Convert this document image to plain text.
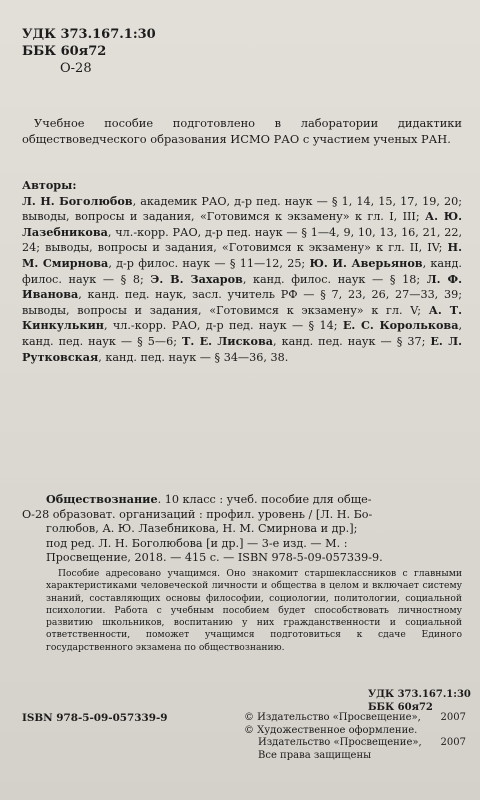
УДК 373.167.1:30
ББК 60я72
О-28

Учебное пособие подготовлено в лаборатории дидактики обществоведческого образования ИСМО РАО с участием ученых РАН.

Авторы:
Л. Н. Боголюбов, академик РАО, д-р пед. наук — § 1, 14, 15, 17, 19, 20; выводы, вопросы и задания, «Готовимся к экзамену» к гл. I, III; А. Ю. Лазебникова, чл.-корр. РАО, д-р пед. наук — § 1—4, 9, 10, 13, 16, 21, 22, 24; выводы, вопросы и задания, «Готовимся к экзамену» к гл. II, IV; Н. М. Смирнова, д-р филос. наук — § 11—12, 25; Ю. И. Аверьянов, канд. филос. наук — § 8; Э. В. Захаров, канд. филос. наук — § 18; Л. Ф. Иванова, канд. пед. наук, засл. учитель РФ — § 7, 23, 26, 27—33, 39; выводы, вопросы и задания, «Готовимся к экзамену» к гл. V; А. Т. Кинкулькин, чл.-корр. РАО, д-р пед. наук — § 14; Е. С. Королькова, канд. пед. наук — § 5—6; Т. Е. Лискова, канд. пед. наук — § 37; Е. Л. Рутковская, канд. пед. наук — § 34—36, 38.
Обществознание. 10 класс : учеб. пособие для обще-
О-28 образоват. организаций : профил. уровень / [Л. Н. Бо-
голюбов, А. Ю. Лазебникова, Н. М. Смирнова и др.];
под ред. Л. Н. Боголюбова [и др.] — 3-е изд. — М. :
Просвещение, 2018. — 415 с. — ISBN 978-5-09-057339-9.

Пособие адресовано учащимся. Оно знакомит старшеклассников с главными характеристиками человеческой личности и общества в целом и включает систему знаний, составляющих основы философии, социологии, политологии, социальной психологии. Работа с учебным пособием будет способствовать личностному развитию школьников, воспитанию у них гражданственности и социальной ответственности, поможет учащимся подготовиться к сдаче Единого государственного экзамена по обществознанию.

УДК 373.167.1:30
ББК 60я72
ISBN 978-5-09-057339-9	© Издательство «Просвещение», 2007
© Художественное оформление.
Издательство «Просвещение», 2007
Все права защищены
